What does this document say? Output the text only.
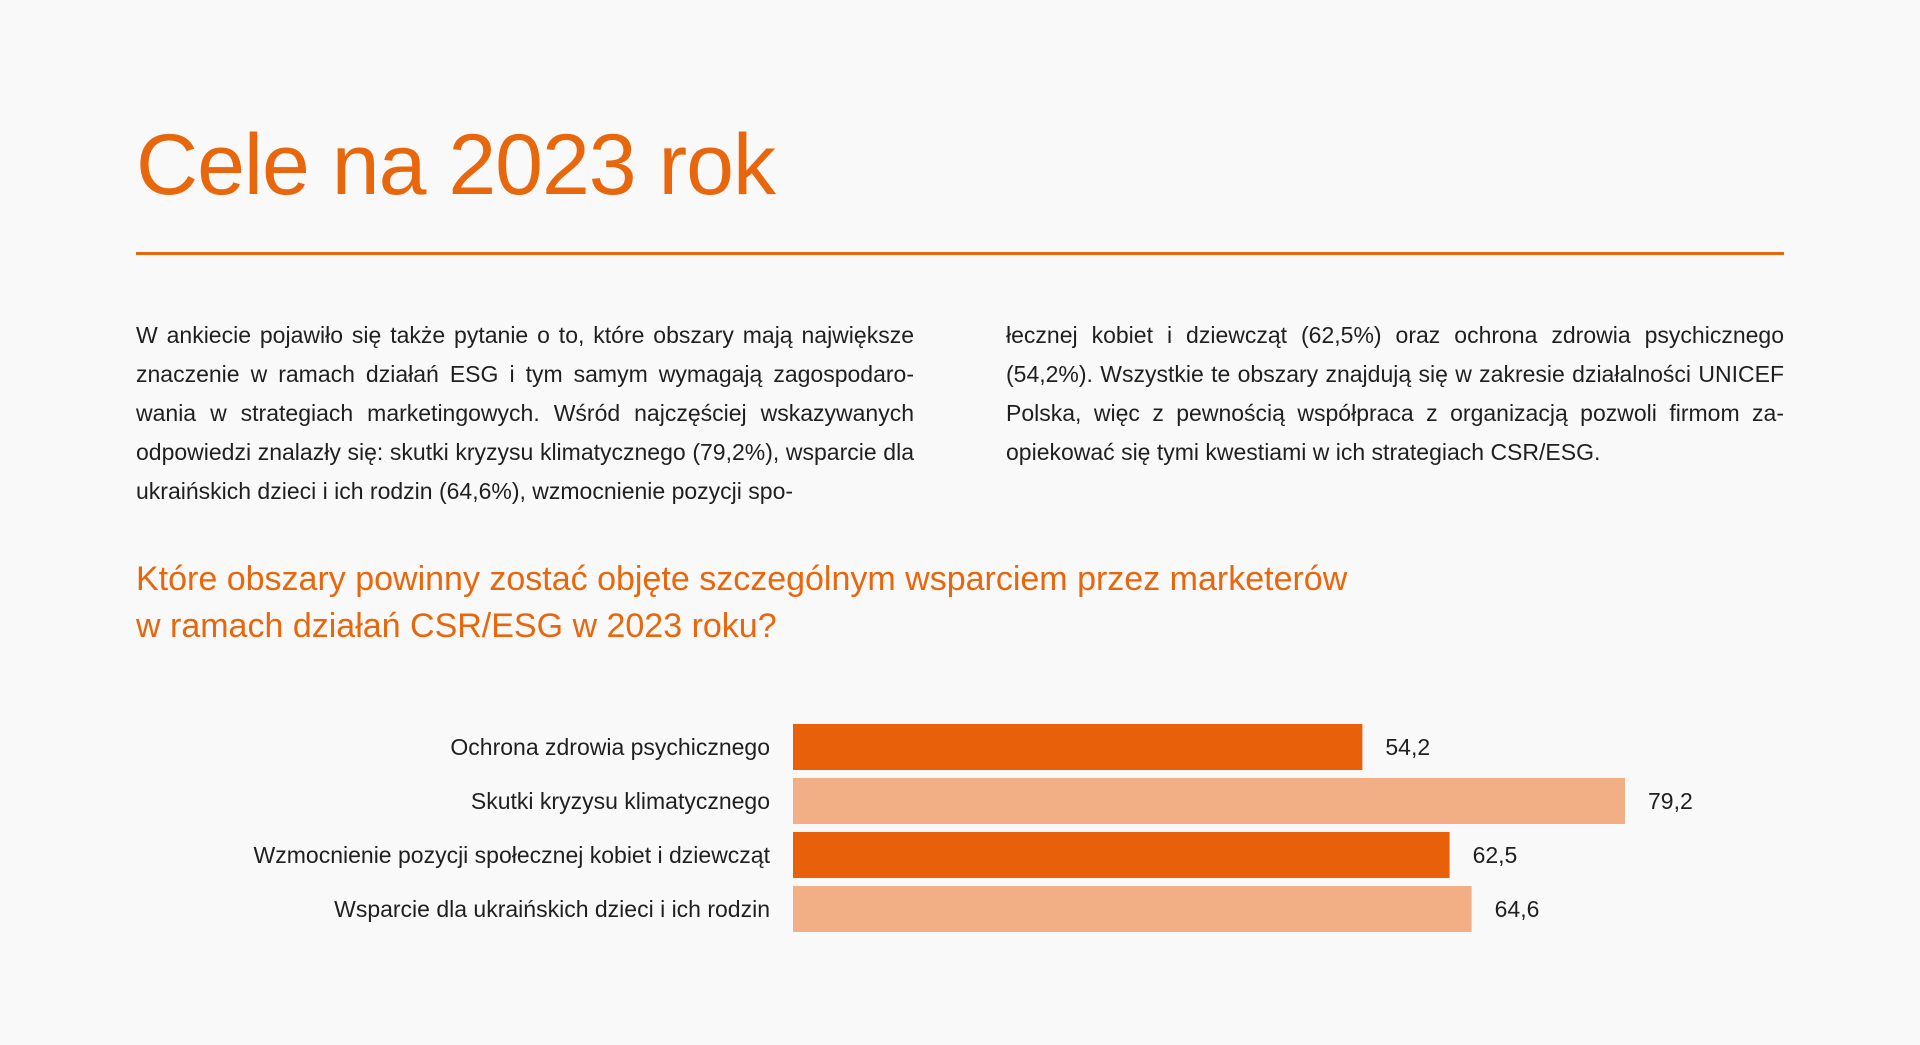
Cele na 2023 rok

W ankiecie pojawiło się także pytanie o to, które obszary mają największe znaczenie w ramach działań ESG i tym samym wymagają zagospodaro-wania w strategiach marketingowych. Wśród najczęściej wskazywanych odpowiedzi znalazły się: skutki kryzysu klimatycznego (79,2%), wsparcie dla ukraińskich dzieci i ich rodzin (64,6%), wzmocnienie pozycji spo-

łecznej kobiet i dziewcząt (62,5%) oraz ochrona zdrowia psychicznego (54,2%). Wszystkie te obszary znajdują się w zakresie działalności UNICEF Polska, więc z pewnością współpraca z organizacją pozwoli firmom za-opiekować się tymi kwestiami w ich strategiach CSR/ESG.

Które obszary powinny zostać objęte szczególnym wsparciem przez marketerów w ramach działań CSR/ESG w 2023 roku?
Ochrona zdrowia psychicznego	54,2
Skutki kryzysu klimatycznego	79,2
Wzmocnienie pozycji społecznej kobiet i dziewcząt	62,5
Wsparcie dla ukraińskich dzieci i ich rodzin	64,6
